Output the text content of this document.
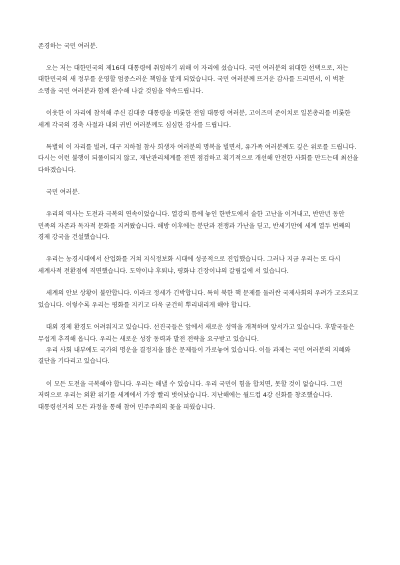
존경하는 국민 여러분.

오는 저는 대한민국의 제16대 대통령에 취임하기 위해 이 자리에 섰습니다. 국민 여러분의 위대한 선택으로, 저는 대한민국의 새 정부를 운영할 엄중스러운 책임을 맡게 되었습니다. 국민 여러분께 뜨거운 감사를 드리면서, 이 벅찬 소명을 국민 여러분과 함께 완수해 나갈 것임을 약속드립니다.

이웃한 이 자리에 참석해 주신 김대중 대통령을 비롯한 전임 대통령 여러분, 고이즈미 준이치로 일본총리를 비롯한 세계 각국의 경축 사절과 내외 귀빈 여러분께도 심심한 감사를 드립니다.

특별히 이 자리를 빌려, 대구 지하철 참사 희생자 여러분의 명복을 빌면서, 유가족 여러분께도 깊은 위로를 드립니다. 다시는 이런 불행이 되풀이되지 않고, 재난관리체계를 전면 점검하고 획기적으로 개선해 안전한 사회를 만드는데 최선을 다하겠습니다.

국민 여러분.

우리의 역사는 도전과 극복의 연속이었습니다. 열강의 틈에 놓인 한반도에서 숱한 고난을 이겨내고, 반만년 동안 민족의 자존과 독자적 문화를 지켜왔습니다. 해방 이후에는 분단과 전쟁과 가난을 딛고, 반세기만에 세계 열두 번째의 경제 강국을 건설했습니다.

우리는 농경시대에서 산업화를 거쳐 지식정보화 시대에 성공적으로 진입했습니다. 그러나 지금 우리는 또 다시 세계사적 전환점에 직면했습니다. 도약이냐 후퇴냐, 평화냐 긴장이냐의 갈림길에 서 있습니다.

세계의 안보 상황이 불안합니다. 이라크 정세가 긴박합니다. 특히 북한 핵 문제를 둘러싼 국제사회의 우려가 고조되고 있습니다. 이렇수록 우리는 평화를 지키고 더욱 굳건히 뿌리내리게 해야 합니다.

대외 경제 환경도 어려워지고 있습니다. 선진국들은 앞에서 새로운 성역을 개척하며 앞서가고 있습니다. 후발국들은 무섭게 추격해 옵니다. 우리는 새로운 성장 동력과 발전 전략을 요구받고 있습니다.

우리 사회 내부에도 국가의 명운을 결정지을 많은 문제들이 가로놓여 있습니다. 이들 과제는 국민 여러분의 지혜와 결단을 기다리고 있습니다.

이 모든 도전을 극복해야 합니다. 우리는 해낼 수 있습니다. 우리 국민이 힘을 합치면, 못할 것이 없습니다. 그런 저력으로 우리는 외환 위기를 세계에서 가장 빨리 벗어났습니다. 지난해에는 월드컵 4강 신화를 창조했습니다. 대통령선거의 모든 과정을 통해 참여 민주주의의 꽃을 피웠습니다.
